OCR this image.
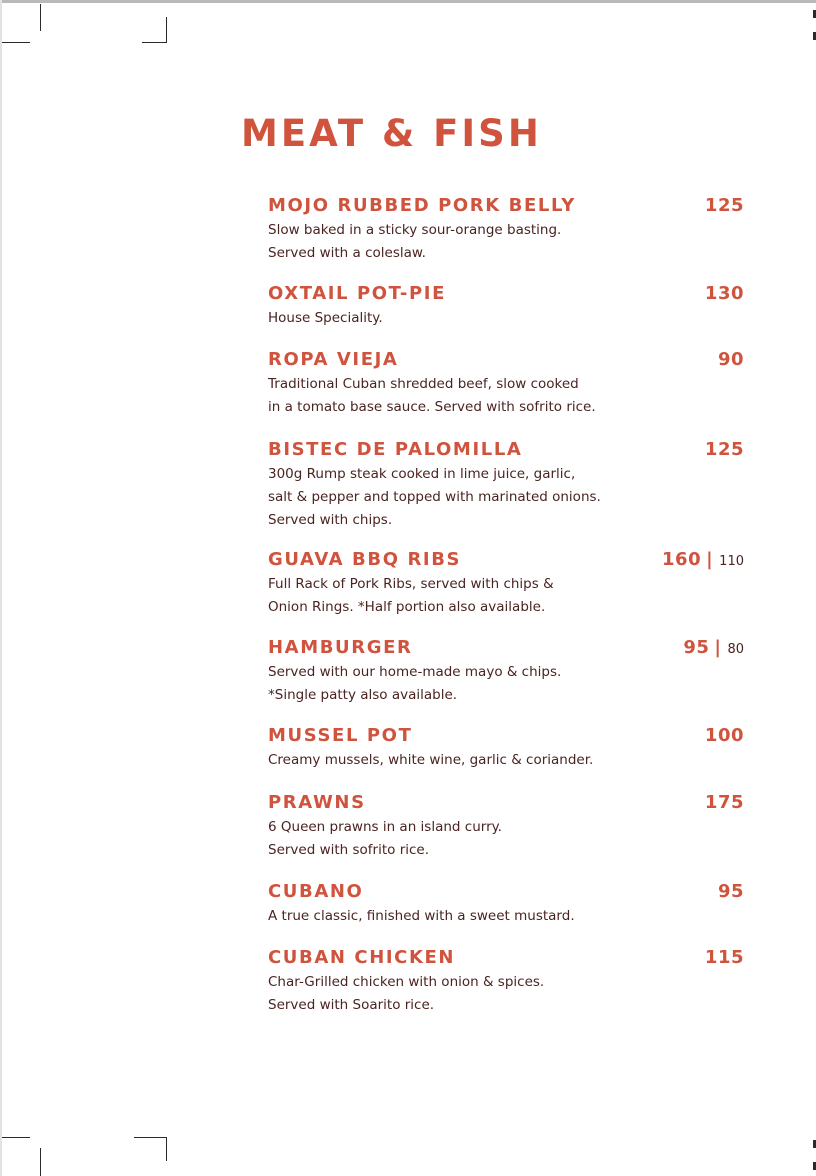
MEAT & FISH
MOJO RUBBED PORK BELLY	125

Slow baked in a sticky sour-orange basting.
Served with a coleslaw.

OXTAIL POT-PIE	130

House Speciality.

ROPA VIEJA	90

Traditional Cuban shredded beef, slow cooked
in a tomato base sauce. Served with sofrito rice.

BISTEC DE PALOMILLA	125

300g Rump steak cooked in lime juice, garlic,
salt & pepper and topped with marinated onions.
Served with chips.

GUAVA BBQ RIBS	160 | 110

Full Rack of Pork Ribs, served with chips &
Onion Rings. *Half portion also available.

HAMBURGER	95 | 80

Served with our home-made mayo & chips.
*Single patty also available.

MUSSEL POT	100

Creamy mussels, white wine, garlic & coriander.

PRAWNS	175

6 Queen prawns in an island curry.
Served with sofrito rice.

CUBANO	95

A true classic, finished with a sweet mustard.

CUBAN CHICKEN	115

Char-Grilled chicken with onion & spices.
Served with Soarito rice.
